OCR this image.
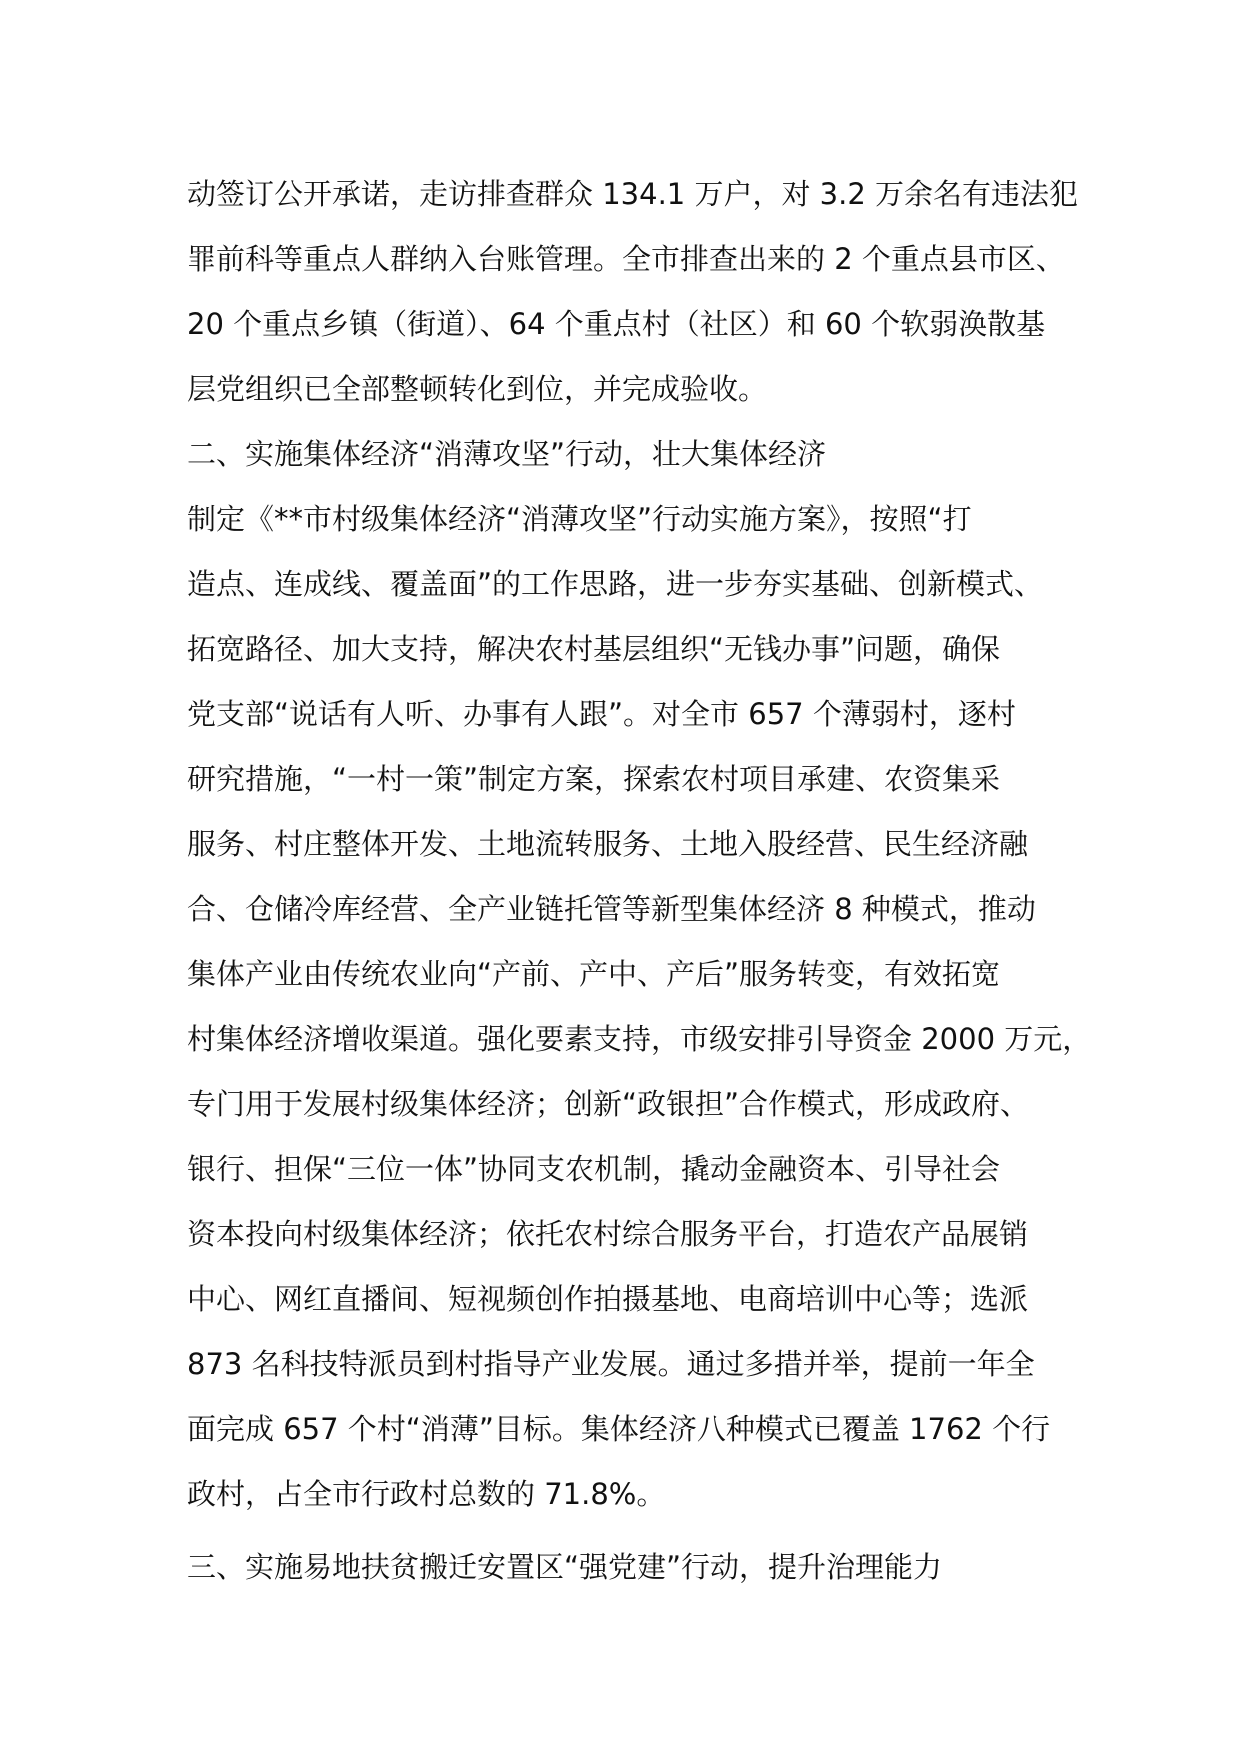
动签订公开承诺，走访排查群众 134.1 万户，对 3.2 万余名有违法犯
罪前科等重点人群纳入台账管理。全市排查出来的 2 个重点县市区、
20 个重点乡镇（街道）、64 个重点村（社区）和 60 个软弱涣散基
层党组织已全部整顿转化到位，并完成验收。
二、实施集体经济“消薄攻坚”行动，壮大集体经济
制定《**市村级集体经济“消薄攻坚”行动实施方案》，按照“打
造点、连成线、覆盖面”的工作思路，进一步夯实基础、创新模式、
拓宽路径、加大支持，解决农村基层组织“无钱办事”问题，确保
党支部“说话有人听、办事有人跟”。对全市 657 个薄弱村，逐村
研究措施，“一村一策”制定方案，探索农村项目承建、农资集采
服务、村庄整体开发、土地流转服务、土地入股经营、民生经济融
合、仓储冷库经营、全产业链托管等新型集体经济 8 种模式，推动
集体产业由传统农业向“产前、产中、产后”服务转变，有效拓宽
村集体经济增收渠道。强化要素支持，市级安排引导资金 2000 万元，
专门用于发展村级集体经济；创新“政银担”合作模式，形成政府、
银行、担保“三位一体”协同支农机制，撬动金融资本、引导社会
资本投向村级集体经济；依托农村综合服务平台，打造农产品展销
中心、网红直播间、短视频创作拍摄基地、电商培训中心等；选派
873 名科技特派员到村指导产业发展。通过多措并举，提前一年全
面完成 657 个村“消薄”目标。集体经济八种模式已覆盖 1762 个行
政村，占全市行政村总数的 71.8%。
三、实施易地扶贫搬迁安置区“强党建”行动，提升治理能力
